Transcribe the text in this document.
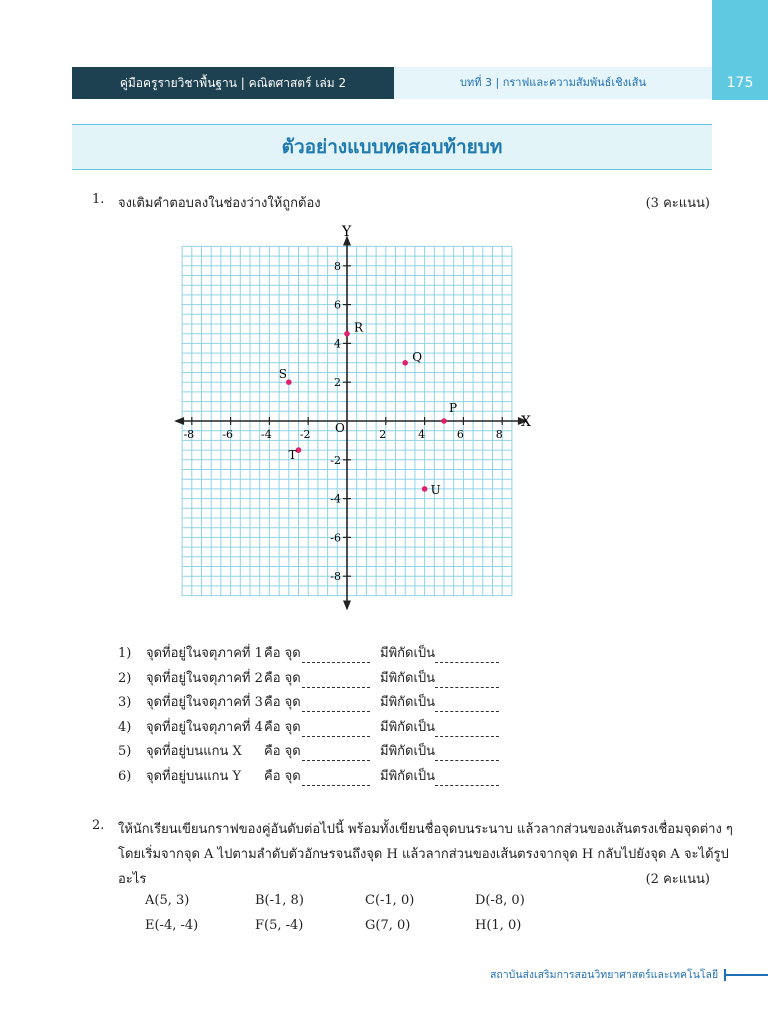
คู่มือครูรายวิชาพื้นฐาน | คณิตศาสตร์ เล่ม 2	บทที่ 3 | กราฟและความสัมพันธ์เชิงเส้น	175
ตัวอย่างแบบทดสอบท้ายบท
1. จงเติมคำตอบลงในช่องว่างให้ถูกต้อง	(3 คะแนน)
X
Y
O
-8	-6	-4	-2	2	4	6	8
8
6
4
2
-2
-4
-6
-8
R
Q
S
P
T
U
1) จุดที่อยู่ในจตุภาคที่ 1คือ จุด	มีพิกัดเป็น
2) จุดที่อยู่ในจตุภาคที่ 2คือ จุด	มีพิกัดเป็น
3) จุดที่อยู่ในจตุภาคที่ 3คือ จุด	มีพิกัดเป็น
4) จุดที่อยู่ในจตุภาคที่ 4คือ จุด	มีพิกัดเป็น
5) จุดที่อยู่บนแกน X คือ จุด	มีพิกัดเป็น
6) จุดที่อยู่บนแกน Y คือ จุด	มีพิกัดเป็น
2. ให้นักเรียนเขียนกราฟของคู่อันดับต่อไปนี้ พร้อมทั้งเขียนชื่อจุดบนระนาบ แล้วลากส่วนของเส้นตรงเชื่อมจุดต่าง ๆ
โดยเริ่มจากจุด A ไปตามลำดับตัวอักษรจนถึงจุด H แล้วลากส่วนของเส้นตรงจากจุด H กลับไปยังจุด A จะได้รูป
อะไร	(2 คะแนน)
A(5, 3)	B(-1, 8)	C(-1, 0)	D(-8, 0)
E(-4, -4)	F(5, -4)	G(7, 0)	H(1, 0)
สถาบันส่งเสริมการสอนวิทยาศาสตร์และเทคโนโลยี
